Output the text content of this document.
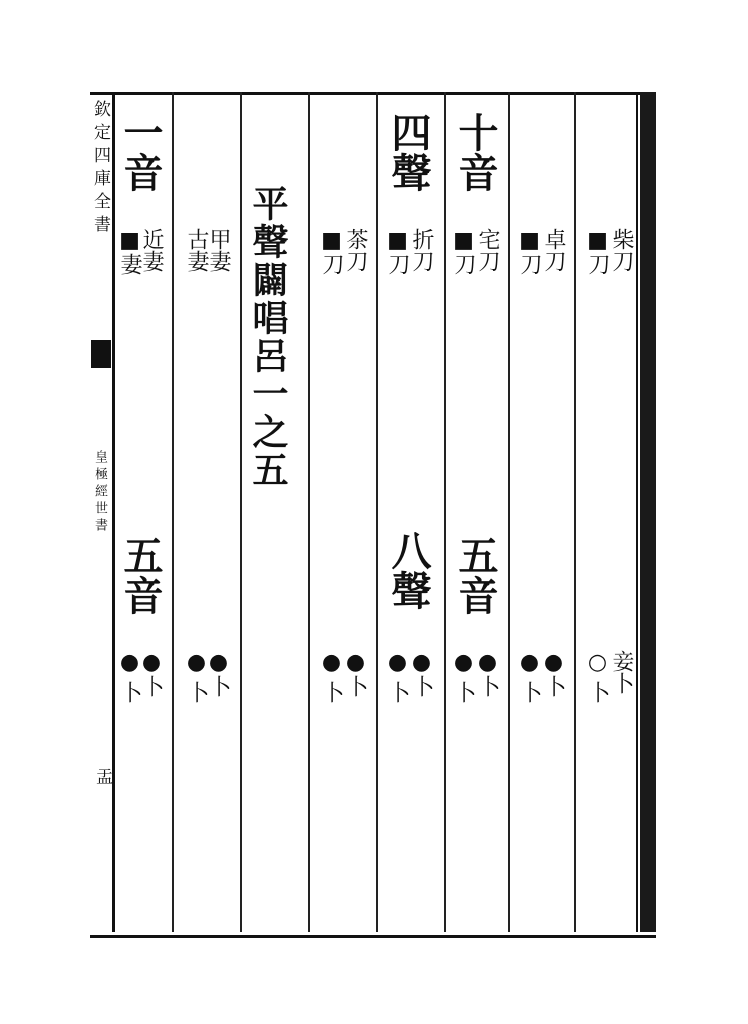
欽定四庫全書
皇極經世書
盂
平聲闢唱呂一之五
一音
■妻
近妻
五音
●卜
●卜
古妻
甲妻
●卜
●卜
■刀 茶刀
●卜 ●卜
四聲
■刀 折刀
八聲
●卜 ●卜
十音
■刀 宅刀
五音
●卜 ●卜
■刀 卓刀
●卜 ●卜
■刀 柴刀
○卜 妾卜
